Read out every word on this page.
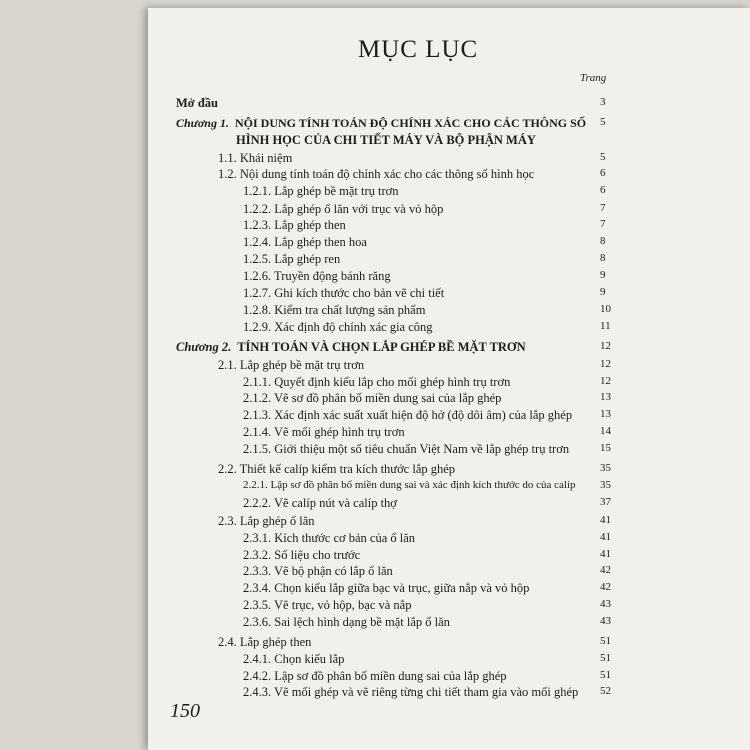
MỤC LỤC
Trang
Mở đầu	3
Chương 1. NỘI DUNG TÍNH TOÁN ĐỘ CHÍNH XÁC CHO CÁC THÔNG SỐ 5
HÌNH HỌC CỦA CHI TIẾT MÁY VÀ BỘ PHẬN MÁY
1.1. Khái niệm	5
1.2. Nội dung tính toán độ chính xác cho các thông số hình học	6
1.2.1. Lắp ghép bề mặt trụ trơn	6
1.2.2. Lắp ghép ổ lăn với trục và vỏ hộp	7
1.2.3. Lắp ghép then	7
1.2.4. Lắp ghép then hoa	8
1.2.5. Lắp ghép ren	8
1.2.6. Truyền động bánh răng	9
1.2.7. Ghi kích thước cho bản vẽ chi tiết	9
1.2.8. Kiểm tra chất lượng sản phẩm	10
1.2.9. Xác định độ chính xác gia công	11
Chương 2. TÍNH TOÁN VÀ CHỌN LẮP GHÉP BỀ MẶT TRƠN	12
2.1. Lắp ghép bề mặt trụ trơn	12
2.1.1. Quyết định kiểu lắp cho mối ghép hình trụ trơn	12
2.1.2. Vẽ sơ đồ phân bố miền dung sai của lắp ghép	13
2.1.3. Xác định xác suất xuất hiện độ hở (độ dôi âm) của lắp ghép	13
2.1.4. Vẽ mối ghép hình trụ trơn	14
2.1.5. Giới thiệu một số tiêu chuẩn Việt Nam về lắp ghép trụ trơn	15
2.2. Thiết kế calíp kiểm tra kích thước lắp ghép	35
2.2.1. Lập sơ đồ phân bố miền dung sai và xác định kích thước do của calíp 35
2.2.2. Vẽ calíp nút và calíp thợ	37
2.3. Lắp ghép ổ lăn	41
2.3.1. Kích thước cơ bản của ổ lăn	41
2.3.2. Số liệu cho trước	41
2.3.3. Vẽ bộ phận có lắp ổ lăn	42
2.3.4. Chọn kiểu lắp giữa bạc và trục, giữa nắp và vỏ hộp	42
2.3.5. Vẽ trục, vỏ hộp, bạc và nắp	43
2.3.6. Sai lệch hình dạng bề mặt lắp ổ lăn	43
2.4. Lắp ghép then	51
2.4.1. Chọn kiểu lắp	51
2.4.2. Lập sơ đồ phân bố miền dung sai của lắp ghép	51
2.4.3. Vẽ mối ghép và vẽ riêng từng chi tiết tham gia vào mối ghép 52
150
